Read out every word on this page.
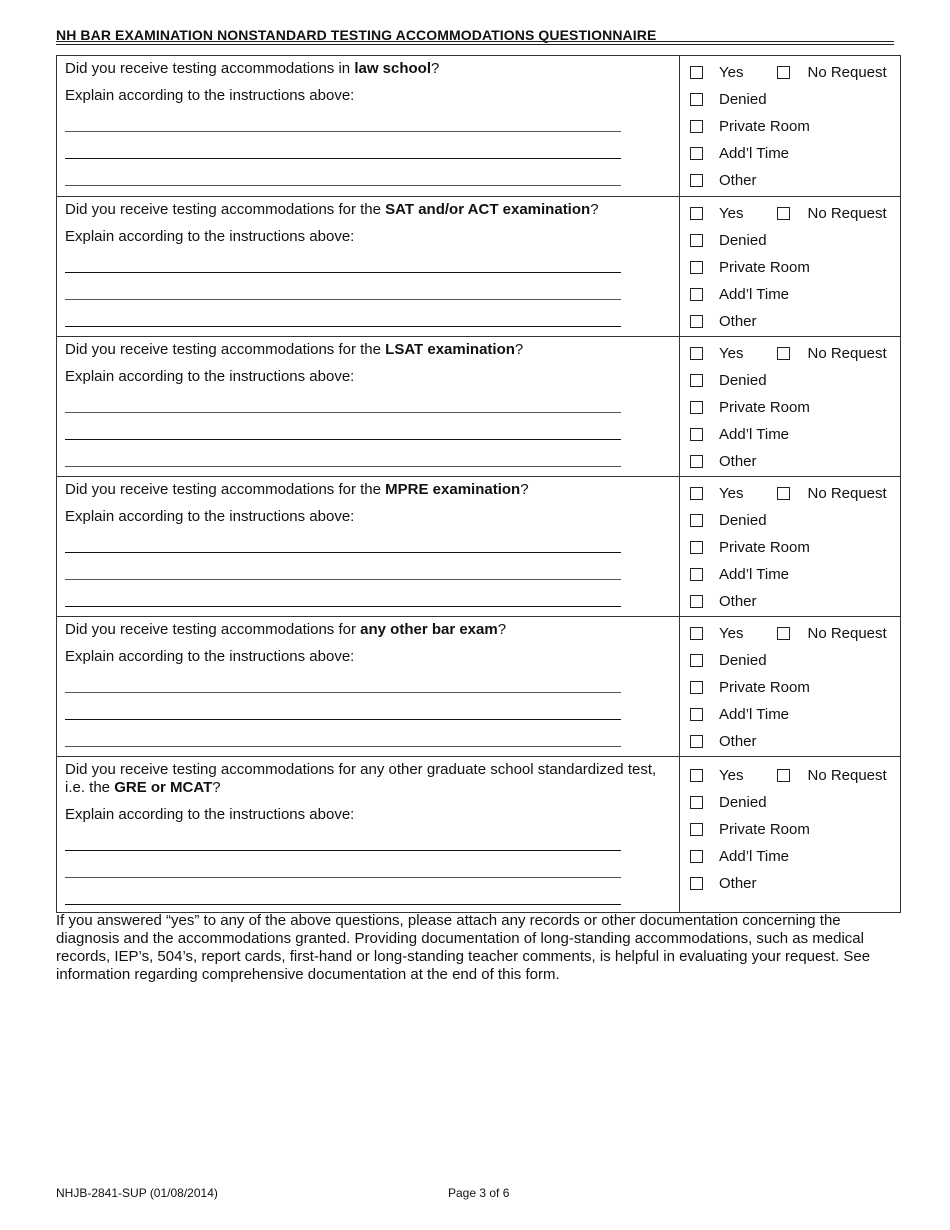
NH BAR EXAMINATION NONSTANDARD TESTING ACCOMMODATIONS QUESTIONNAIRE
Did you receive testing accommodations in law school?
Explain according to the instructions above:
Yes	No Request
Denied
Private Room
Add’l Time
Other
Did you receive testing accommodations for the SAT and/or ACT examination?
Explain according to the instructions above:
Yes	No Request
Denied
Private Room
Add’l Time
Other
Did you receive testing accommodations for the LSAT examination?
Explain according to the instructions above:
Yes	No Request
Denied
Private Room
Add’l Time
Other
Did you receive testing accommodations for the MPRE examination?
Explain according to the instructions above:
Yes	No Request
Denied
Private Room
Add’l Time
Other
Did you receive testing accommodations for any other bar exam?
Explain according to the instructions above:
Yes	No Request
Denied
Private Room
Add’l Time
Other
Did you receive testing accommodations for any other graduate school standardized test, i.e. the GRE or MCAT?
Explain according to the instructions above:
Yes	No Request
Denied
Private Room
Add’l Time
Other
If you answered “yes” to any of the above questions, please attach any records or other documentation concerning the diagnosis and the accommodations granted. Providing documentation of long-standing accommodations, such as medical records, IEP’s, 504’s, report cards, first-hand or long-standing teacher comments, is helpful in evaluating your request. See information regarding comprehensive documentation at the end of this form.
NHJB-2841-SUP (01/08/2014)	Page 3 of 6
